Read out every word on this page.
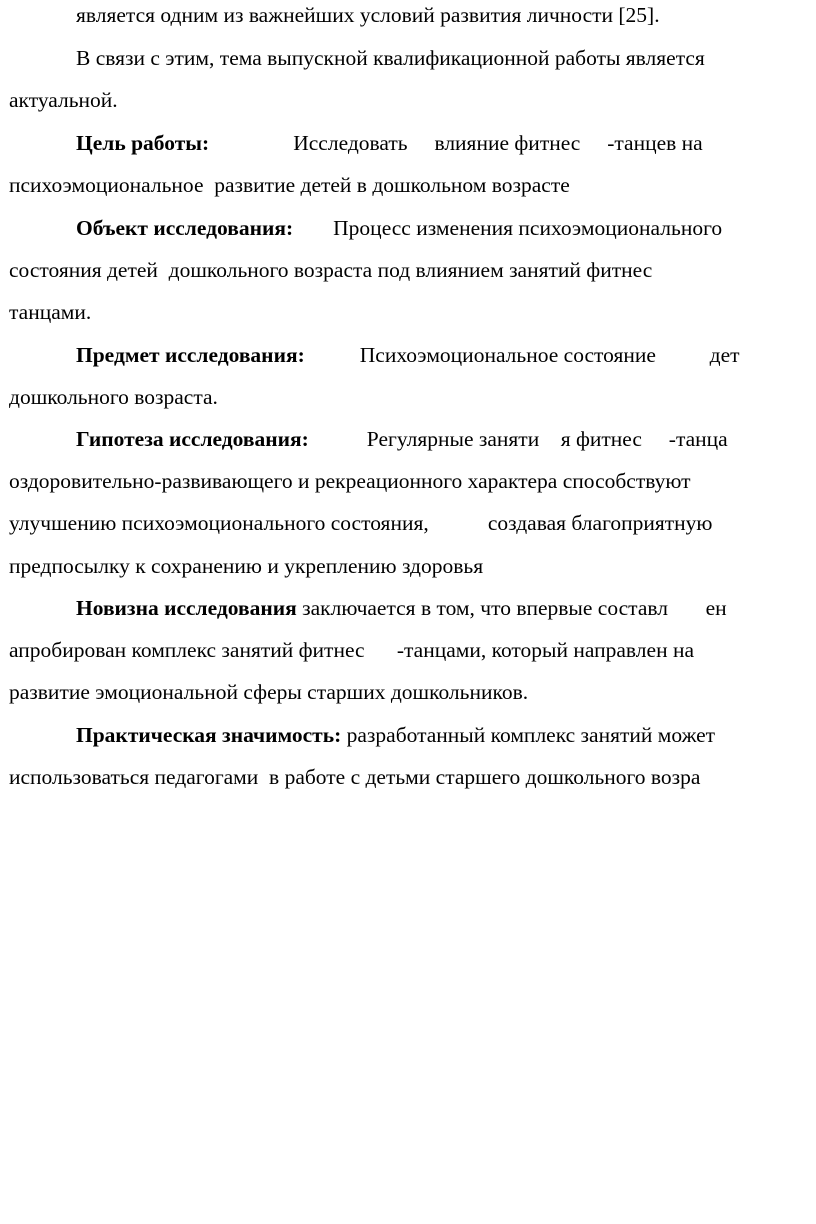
является одним из важнейших условий развития личности [25].
В связи с этим, тема выпускной квалификационной работы является
актуальной.
Цель работы:	Исследовать     влияние фитнес     -танцев на
психоэмоциональное  развитие детей в дошкольном возрасте
Объект исследования: Процесс изменения психоэмоционального
состояния детей  дошкольного возраста под влиянием занятий фитнес
танцами.
Предмет исследования:	Психоэмоциональное состояние          дет
дошкольного возраста.
Гипотеза исследования:	Регулярные заняти    я фитнес     -танца
оздоровительно-развивающего и рекреационного характера способствуют
улучшению психоэмоционального состояния,           создавая благоприятную
предпосылку к сохранению и укреплению здоровья
Новизна исследования заключается в том, что впервые составл       ен
апробирован комплекс занятий фитнес      -танцами, который направлен на
развитие эмоциональной сферы старших дошкольников.
Практическая значимость: разработанный комплекс занятий может
использоваться педагогами  в работе с детьми старшего дошкольного возра
